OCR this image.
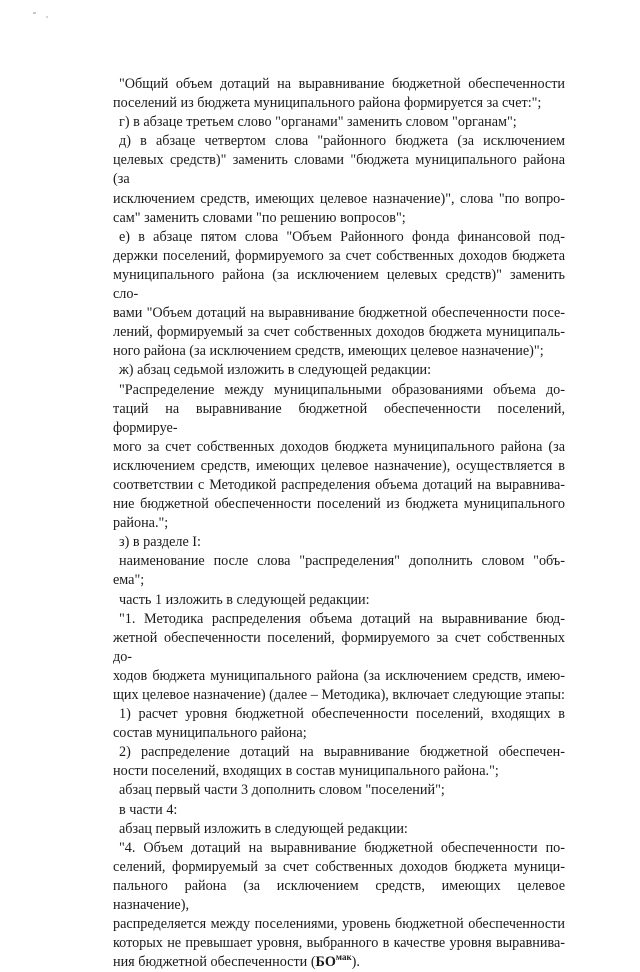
"Общий объем дотаций на выравнивание бюджетной обеспеченности
поселений из бюджета муниципального района формируется за счет:";
г) в абзаце третьем слово "органами" заменить словом "органам";
д) в абзаце четвертом слова "районного бюджета (за исключением
целевых средств)" заменить словами "бюджета муниципального района (за
исключением средств, имеющих целевое назначение)", слова "по вопро-
сам" заменить словами "по решению вопросов";
е) в абзаце пятом слова "Объем Районного фонда финансовой под-
держки поселений, формируемого за счет собственных доходов бюджета
муниципального района (за исключением целевых средств)" заменить сло-
вами "Объем дотаций на выравнивание бюджетной обеспеченности посе-
лений, формируемый за счет собственных доходов бюджета муниципаль-
ного района (за исключением средств, имеющих целевое назначение)";
ж) абзац седьмой изложить в следующей редакции:
"Распределение между муниципальными образованиями объема до-
таций на выравнивание бюджетной обеспеченности поселений, формируе-
мого за счет собственных доходов бюджета муниципального района (за
исключением средств, имеющих целевое назначение), осуществляется в
соответствии с Методикой распределения объема дотаций на выравнива-
ние бюджетной обеспеченности поселений из бюджета муниципального
района.";
з) в разделе I:
наименование после слова "распределения" дополнить словом "объ-
ема";
часть 1 изложить в следующей редакции:
"1. Методика распределения объема дотаций на выравнивание бюд-
жетной обеспеченности поселений, формируемого за счет собственных до-
ходов бюджета муниципального района (за исключением средств, имею-
щих целевое назначение) (далее – Методика), включает следующие этапы:
1) расчет уровня бюджетной обеспеченности поселений, входящих в
состав муниципального района;
2) распределение дотаций на выравнивание бюджетной обеспечен-
ности поселений, входящих в состав муниципального района.";
абзац первый части 3 дополнить словом "поселений";
в части 4:
абзац первый изложить в следующей редакции:
"4. Объем дотаций на выравнивание бюджетной обеспеченности по-
селений, формируемый за счет собственных доходов бюджета муници-
пального района (за исключением средств, имеющих целевое назначение),
распределяется между поселениями, уровень бюджетной обеспеченности
которых не превышает уровня, выбранного в качестве уровня выравнива-
ния бюджетной обеспеченности $(БО^{мак})$.
